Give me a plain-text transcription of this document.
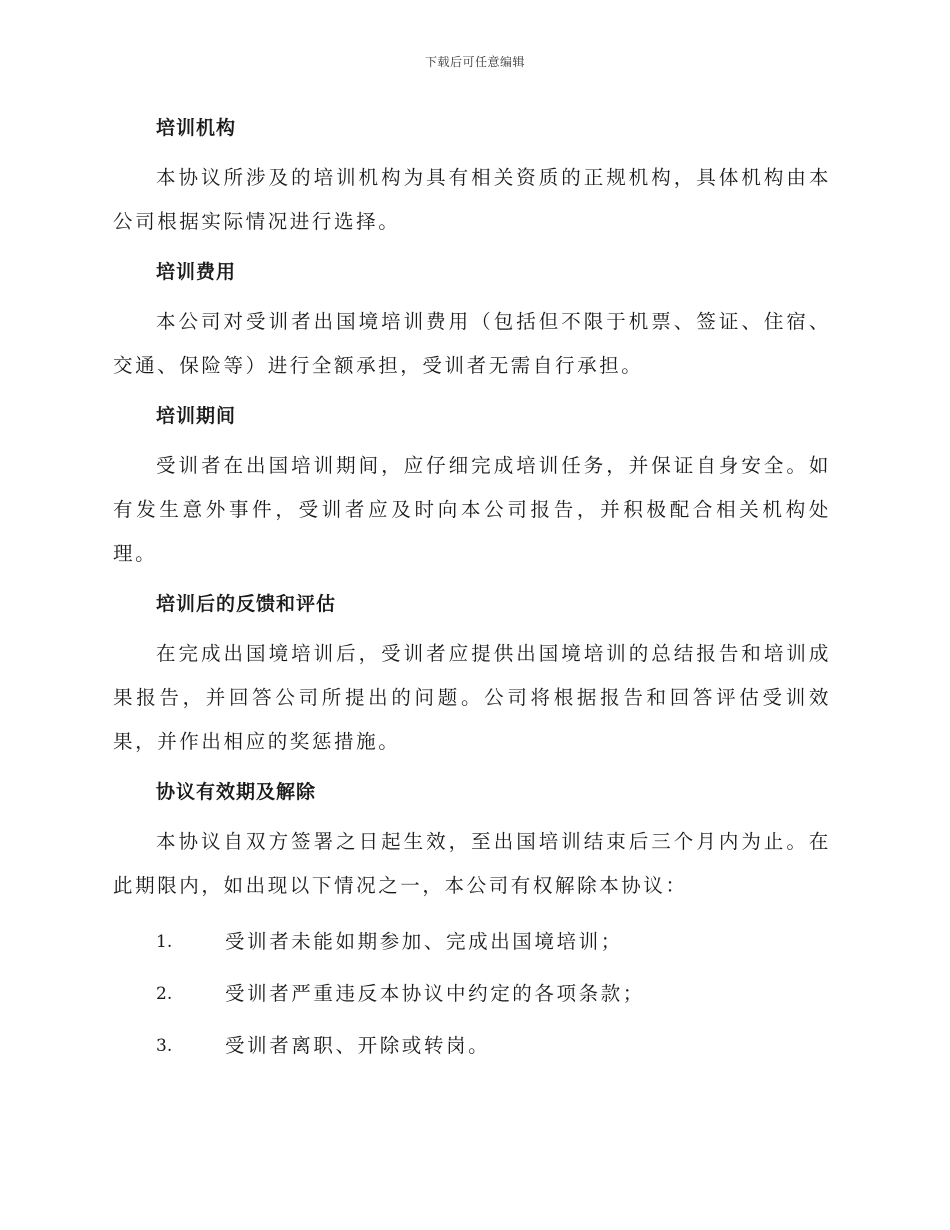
下载后可任意编辑
培训机构

本协议所涉及的培训机构为具有相关资质的正规机构，具体机构由本公司根据实际情况进行选择。

培训费用

本公司对受训者出国境培训费用（包括但不限于机票、签证、住宿、交通、保险等）进行全额承担，受训者无需自行承担。

培训期间

受训者在出国培训期间，应仔细完成培训任务，并保证自身安全。如有发生意外事件，受训者应及时向本公司报告，并积极配合相关机构处理。

培训后的反馈和评估

在完成出国境培训后，受训者应提供出国境培训的总结报告和培训成果报告，并回答公司所提出的问题。公司将根据报告和回答评估受训效果，并作出相应的奖惩措施。

协议有效期及解除

本协议自双方签署之日起生效，至出国培训结束后三个月内为止。在此期限内，如出现以下情况之一，本公司有权解除本协议：

1.	受训者未能如期参加、完成出国境培训；
2.	受训者严重违反本协议中约定的各项条款；
3.	受训者离职、开除或转岗。
